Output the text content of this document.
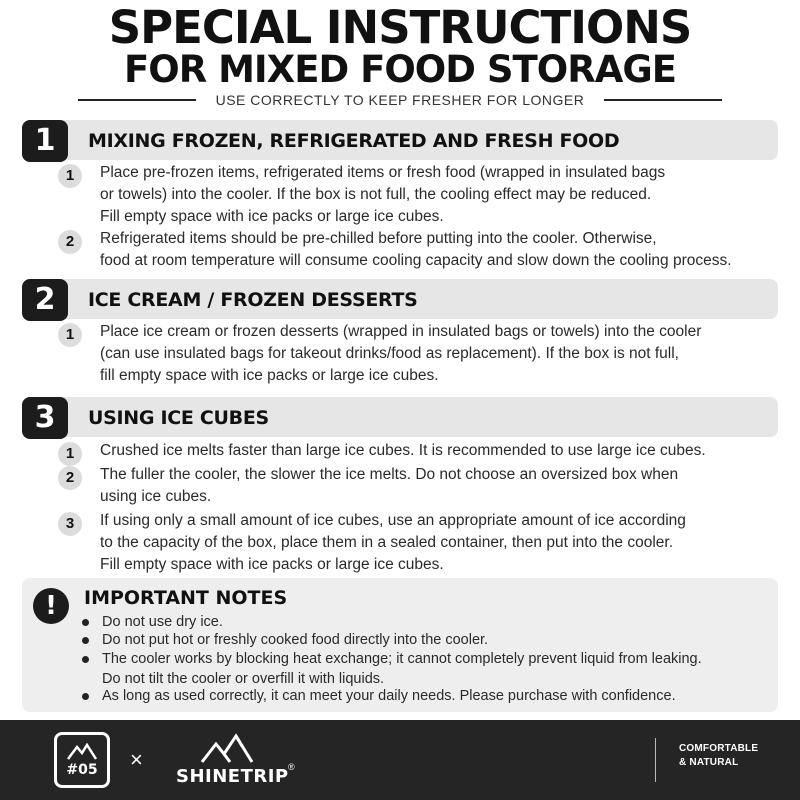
SPECIAL INSTRUCTIONS
FOR MIXED FOOD STORAGE
USE CORRECTLY TO KEEP FRESHER FOR LONGER
1	MIXING FROZEN, REFRIGERATED AND FRESH FOOD
1	Place pre-frozen items, refrigerated items or fresh food (wrapped in insulated bags
or towels) into the cooler. If the box is not full, the cooling effect may be reduced.
Fill empty space with ice packs or large ice cubes.
2	Refrigerated items should be pre-chilled before putting into the cooler. Otherwise,
food at room temperature will consume cooling capacity and slow down the cooling process.
2	ICE CREAM / FROZEN DESSERTS
1	Place ice cream or frozen desserts (wrapped in insulated bags or towels) into the cooler
(can use insulated bags for takeout drinks/food as replacement). If the box is not full,
fill empty space with ice packs or large ice cubes.
3	USING ICE CUBES
1	Crushed ice melts faster than large ice cubes. It is recommended to use large ice cubes.
2	The fuller the cooler, the slower the ice melts. Do not choose an oversized box when
using ice cubes.
3	If using only a small amount of ice cubes, use an appropriate amount of ice according
to the capacity of the box, place them in a sealed container, then put into the cooler.
Fill empty space with ice packs or large ice cubes.
!	IMPORTANT NOTES

Do not use dry ice.

Do not put hot or freshly cooked food directly into the cooler.

The cooler works by blocking heat exchange; it cannot completely prevent liquid from leaking.
Do not tilt the cooler or overfill it with liquids.

As long as used correctly, it can meet your daily needs. Please purchase with confidence.

#05	×
SHINETRIP ®
COMFORTABLE
& NATURAL
